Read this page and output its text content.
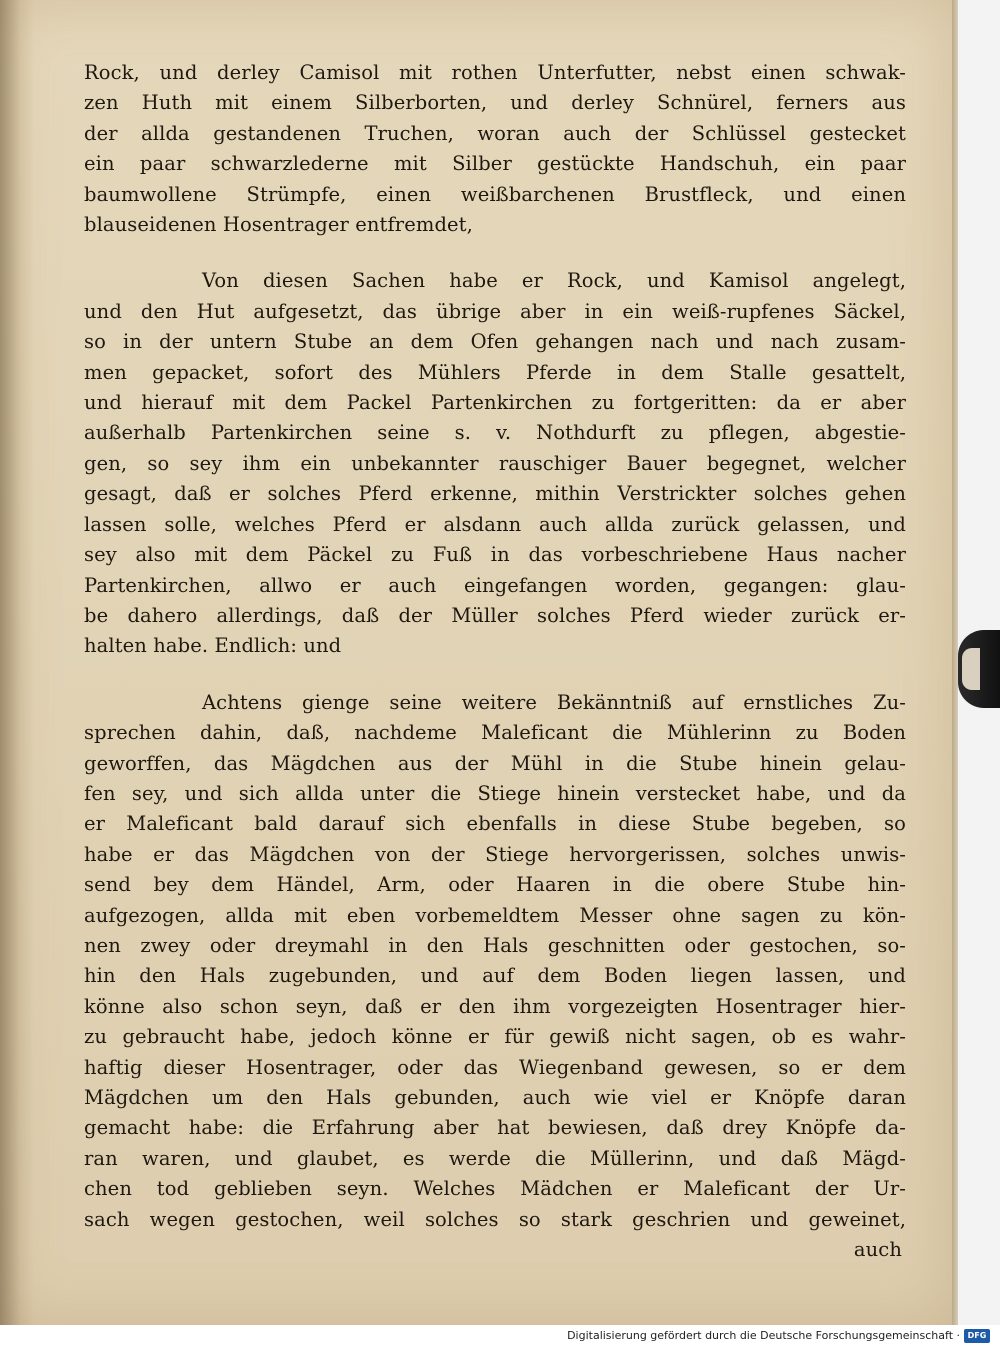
Rock, und derley Camisol mit rothen Unterfutter, nebst einen schwak-
zen Huth mit einem Silberborten, und derley Schnürel, ferners aus
der allda gestandenen Truchen, woran auch der Schlüssel gestecket
ein paar schwarzlederne mit Silber gestückte Handschuh, ein paar
baumwollene Strümpfe, einen weißbarchenen Brustfleck, und einen
blauseidenen Hosentrager entfremdet,
Von diesen Sachen habe er Rock, und Kamisol angelegt,
und den Hut aufgesetzt, das übrige aber in ein weiß-rupfenes Säckel,
so in der untern Stube an dem Ofen gehangen nach und nach zusam-
men gepacket, sofort des Mühlers Pferde in dem Stalle gesattelt,
und hierauf mit dem Packel Partenkirchen zu fortgeritten: da er aber
außerhalb Partenkirchen seine s. v. Nothdurft zu pflegen, abgestie-
gen, so sey ihm ein unbekannter rauschiger Bauer begegnet, welcher
gesagt, daß er solches Pferd erkenne, mithin Verstrickter solches gehen
lassen solle, welches Pferd er alsdann auch allda zurück gelassen, und
sey also mit dem Päckel zu Fuß in das vorbeschriebene Haus nacher
Partenkirchen, allwo er auch eingefangen worden, gegangen: glau-
be dahero allerdings, daß der Müller solches Pferd wieder zurück er-
halten habe. Endlich: und
Achtens gienge seine weitere Bekänntniß auf ernstliches Zu-
sprechen dahin, daß, nachdeme Maleficant die Mühlerinn zu Boden
geworffen, das Mägdchen aus der Mühl in die Stube hinein gelau-
fen sey, und sich allda unter die Stiege hinein verstecket habe, und da
er Maleficant bald darauf sich ebenfalls in diese Stube begeben, so
habe er das Mägdchen von der Stiege hervorgerissen, solches unwis-
send bey dem Händel, Arm, oder Haaren in die obere Stube hin-
aufgezogen, allda mit eben vorbemeldtem Messer ohne sagen zu kön-
nen zwey oder dreymahl in den Hals geschnitten oder gestochen, so-
hin den Hals zugebunden, und auf dem Boden liegen lassen, und
könne also schon seyn, daß er den ihm vorgezeigten Hosentrager hier-
zu gebraucht habe, jedoch könne er für gewiß nicht sagen, ob es wahr-
haftig dieser Hosentrager, oder das Wiegenband gewesen, so er dem
Mägdchen um den Hals gebunden, auch wie viel er Knöpfe daran
gemacht habe: die Erfahrung aber hat bewiesen, daß drey Knöpfe da-
ran waren, und glaubet, es werde die Müllerinn, und daß Mägd-
chen tod geblieben seyn. Welches Mädchen er Maleficant der Ur-
sach wegen gestochen, weil solches so stark geschrien und geweinet,
auch
Digitalisierung gefördert durch die Deutsche Forschungsgemeinschaft · DFG
